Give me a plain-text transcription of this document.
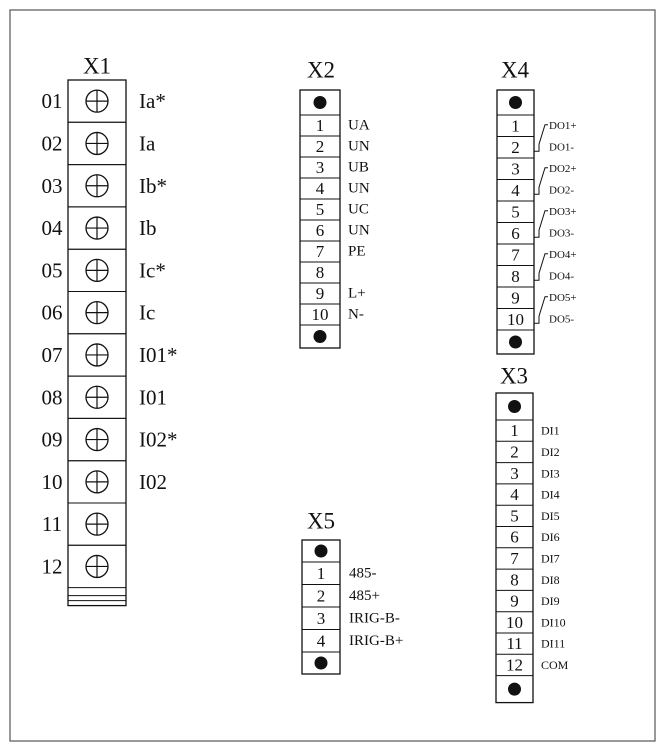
X1
01	Ia*
02	Ia
03	Ib*
04	Ib
05	Ic*
06	Ic
07	I01*
08	I01
09	I02*
10	I02
11
12
X2
1 UA
2 UN
3 UB
4 UN
5 UC
6 UN
7 PE
8
9 L+
10 N-
X4
1	DO1+
2	DO1-
3	DO2+
4	DO2-
5	DO3+
6	DO3-
7	DO4+
8	DO4-
9	DO5+
10 DO5-
X3
1 DI1
2 DI2
3 DI3
4 DI4
5 DI5
6 DI6
7 DI7
8 DI8
9 DI9
10 DI10
11 DI11
12 COM
X5
1 485-
2 485+
3 IRIG-B-
4 IRIG-B+
